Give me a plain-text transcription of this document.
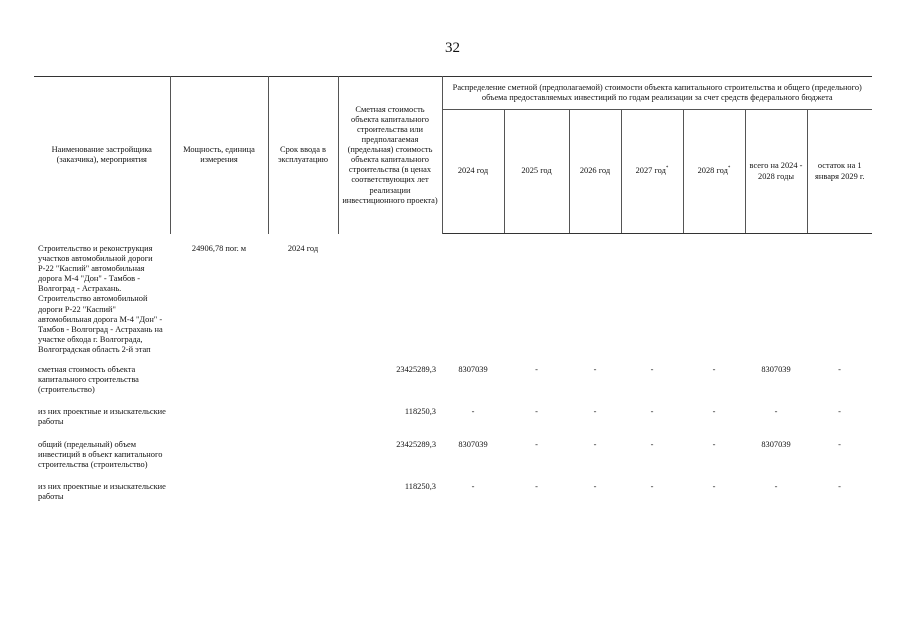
32
Наименование застройщика (заказчика), мероприятия	Мощность, единица измерения	Срок ввода в эксплуатацию	Сметная стоимость объекта капитального строительства или предполагаемая (предельная) стоимость объекта капитального строительства (в ценах соответствующих лет реализации инвестиционного проекта)	Распределение сметной (предполагаемой) стоимости объекта капитального строительства и общего (предельного) объема предоставляемых инвестиций по годам реализации за счет средств федерального бюджета						
				2024 год	2025 год	2026 год	2027 год*	2028 год*	всего на 2024 - 2028 годы	остаток на 1 января 2029 г.

Строительство и реконструкция участков автомобильной дороги Р-22 "Каспий" автомобильная дорога М-4 "Дон" - Тамбов - Волгоград - Астрахань. Строительство автомобильной дороги Р-22 "Каспий" автомобильная дорога М-4 "Дон" - Тамбов - Волгоград - Астрахань на участке обхода г. Волгограда, Волгоградская область 2-й этап	24906,78 пог. м	2024 год								

сметная стоимость объекта капитального строительства (строительство)			23425289,3	8307039	-	-	-	-	8307039	-

из них проектные и изыскательские работы			118250,3	-	-	-	-	-	-	-

общий (предельный) объем инвестиций в объект капитального строительства (строительство)			23425289,3	8307039	-	-	-	-	8307039	-

из них проектные и изыскательские работы			118250,3	-	-	-	-	-	-	-
